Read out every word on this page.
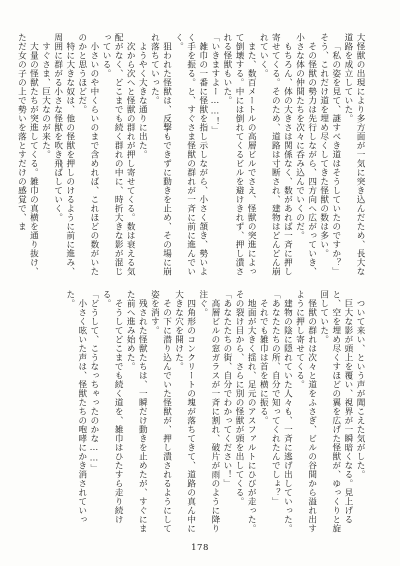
大怪獣の出現により多方面が一気に突き込んだため、長大な道路を成立していた。

「私の姿を見て、謎すべき道はそうしていたのですか？」そう、これだけ道を埋め尽くしてきた怪獣の数は多い。

その怪獣の勢力は先行しながら、四方向へ広がっていき、小さな体の仲間たちを次々に呑み込んでいくのだ。

もちろん、体の大きさは関係なく、数があれば一斉に押し寄せてくる。そのため、道路は寸断され、建物はどんどん崩れていく。

また、数百メートルの高層ビルでさえ、怪獣の突進によって倒壊する。中には倒れてくるビルを避けきれず、押し潰される怪獣もいた。

「いきますよー……！」

雑巾の一番に怪獣を指し示しながら、小さく頷き、勢いよく手を振る。と、すぐさま怪獣の群れが一斉に前に進んでいく。

狙われた怪獣は、反撃もできずに動きを止め、その場に崩れ落ちていった。

ようやく大きな通りに出た。

次から次へと怪獣の群れが押し寄せてくる。数は衰える気配がなく、どこまでも続く群れの中に、時折大きな影が混じっている。

小さいのや中くらいのまで含めれば、これほどの数がいたのかと思うほどだ。

特に大きな奴は、他の怪獣を押しのけるように前に進み、周囲に群がる小さな怪獣を吹き飛ばしていく。

すぐさま、巨大なのが来た。

大量の怪獣たちが突進してくる。雑巾の真横を通り抜け、ただ女の子の上で勢いを落とすだけの感覚で、ま

ついて来い、という声が聞こえた気がした。

巨大な影が頭上を覆い、視界が一瞬暗くなる。見上げると、空を埋め尽くすほどの翼を広げた怪獣が、ゆっくりと旋回していた。

怪獣の群れは次々と道をふさぎ、ビルの谷間から溢れ出すように押し寄せてくる。

建物の陰に隠れていた人々も、一斉に逃げ出していった。

「あなたたちの所、自分で知ってくれたんでしょ？」

それでも雑巾は首を横に振る。

地面が大きく揺れ、足元のアスファルトにひびが走った。その裂け目から、さらに別の怪獣が頭を出してくる。

「あなたたちの街、自分でわかってください！」

高層ビルの窓ガラスが一斉に割れ、破片が雨のように降り注ぐ。

四角形のコンクリートの塊が落ちてきて、道路の真ん中に大きな穴を開けた。

その下に潜り込んでいた怪獣が、押し潰されるようにして姿を消す。

残された怪獣たちは、一瞬だけ動きを止めたが、すぐにまた前へ進み始めた。

そうしてどこまでも続く道を、雑巾はひたすら走り続ける。

「どうして、こうなっちゃったのかな……」

小さく呟いた声は、怪獣たちの咆哮にかき消されていった。

178
